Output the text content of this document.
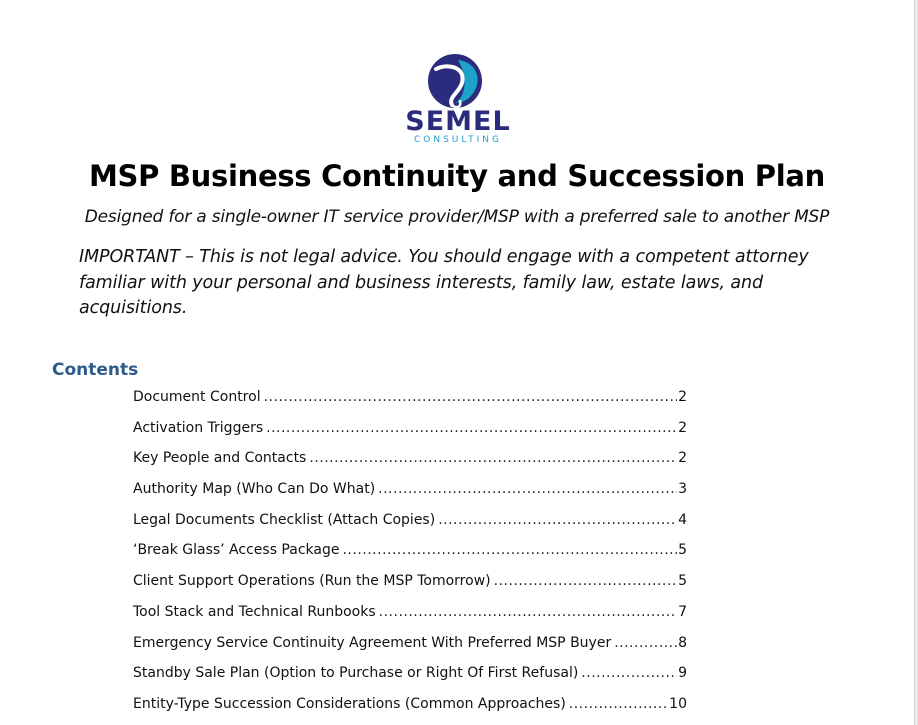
SEMEL
CONSULTING
MSP Business Continuity and Succession Plan
Designed for a single-owner IT service provider/MSP with a preferred sale to another MSP
IMPORTANT – This is not legal advice. You should engage with a competent attorney familiar with your personal and business interests, family law, estate laws, and acquisitions.
Contents
Document Control .....	2
Activation Triggers .....	2
Key People and Contacts .....	2
Authority Map (Who Can Do What) .....	3
Legal Documents Checklist (Attach Copies) .....	4
‘Break Glass’ Access Package .....	5
Client Support Operations (Run the MSP Tomorrow) .....	5
Tool Stack and Technical Runbooks .....	7
Emergency Service Continuity Agreement With Preferred MSP Buyer .....	8
Standby Sale Plan (Option to Purchase or Right Of First Refusal) .....	9
Entity-Type Succession Considerations (Common Approaches) .....	10
